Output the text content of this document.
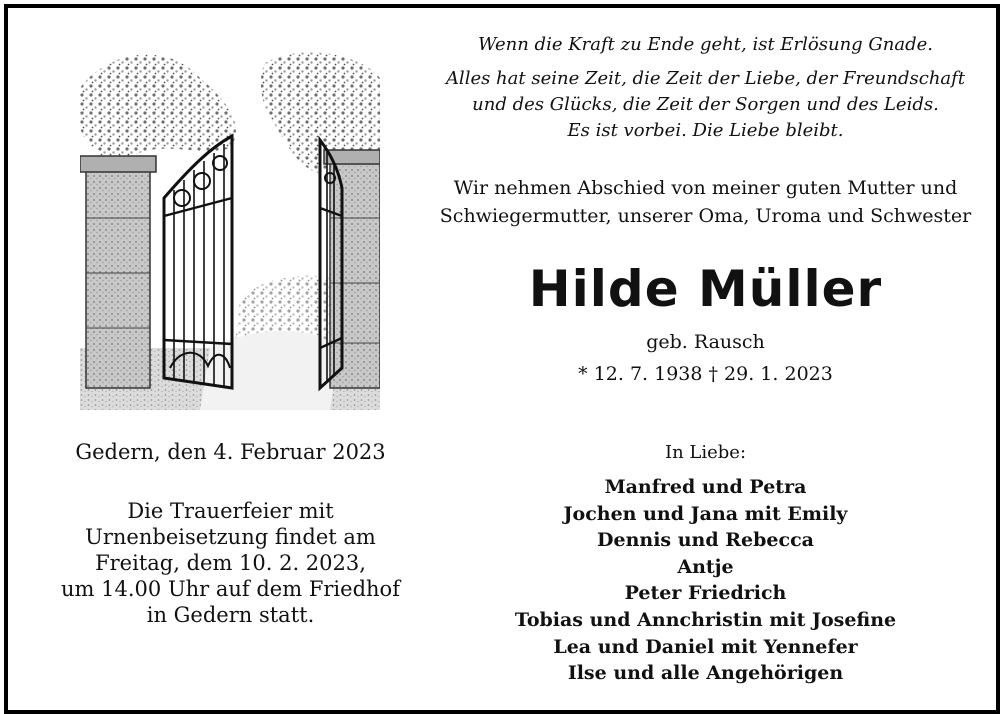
Gedern, den 4. Februar 2023
Die Trauerfeier mit
Urnenbeisetzung findet am
Freitag, dem 10. 2. 2023,
um 14.00 Uhr auf dem Friedhof
in Gedern statt.
Wenn die Kraft zu Ende geht, ist Erlösung Gnade.
Alles hat seine Zeit, die Zeit der Liebe, der Freundschaft
und des Glücks, die Zeit der Sorgen und des Leids.
Es ist vorbei. Die Liebe bleibt.
Wir nehmen Abschied von meiner guten Mutter und
Schwiegermutter, unserer Oma, Uroma und Schwester
Hilde Müller
geb. Rausch
* 12. 7. 1938 † 29. 1. 2023
In Liebe:
Manfred und Petra
Jochen und Jana mit Emily
Dennis und Rebecca
Antje
Peter Friedrich
Tobias und Annchristin mit Josefine
Lea und Daniel mit Yennefer
Ilse und alle Angehörigen
